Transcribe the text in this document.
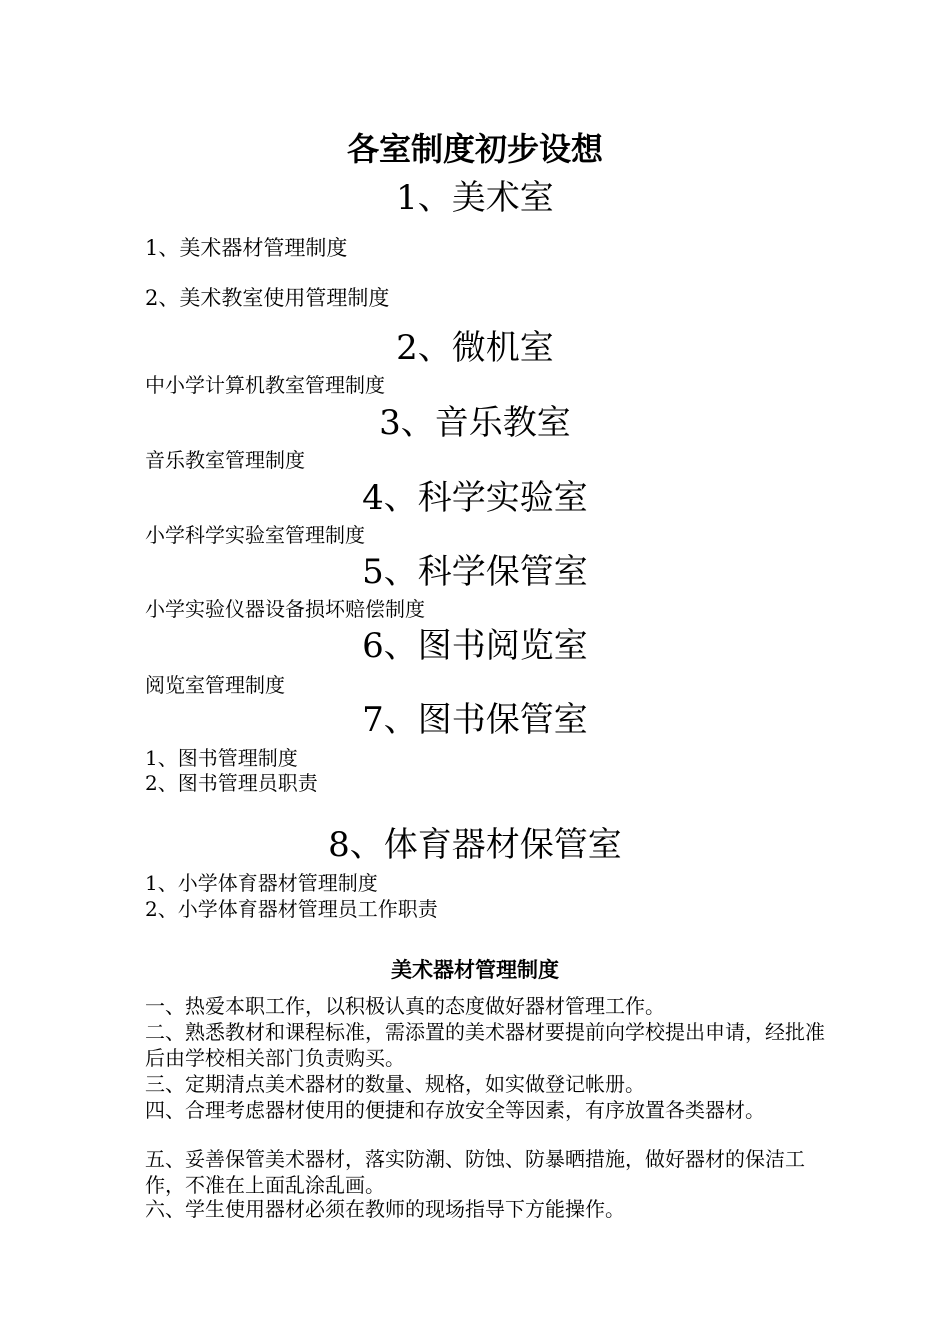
各室制度初步设想
1、美术室
1、美术器材管理制度
2、美术教室使用管理制度
2、微机室
中小学计算机教室管理制度
3、音乐教室
音乐教室管理制度
4、科学实验室
小学科学实验室管理制度
5、科学保管室
小学实验仪器设备损坏赔偿制度
6、图书阅览室
阅览室管理制度
7、图书保管室
1、图书管理制度
2、图书管理员职责
8、体育器材保管室
1、小学体育器材管理制度
2、小学体育器材管理员工作职责
美术器材管理制度
一、热爱本职工作，以积极认真的态度做好器材管理工作。
二、熟悉教材和课程标准，需添置的美术器材要提前向学校提出申请，经批准后由学校相关部门负责购买。
三、定期清点美术器材的数量、规格，如实做登记帐册。
四、合理考虑器材使用的便捷和存放安全等因素，有序放置各类器材。
五、妥善保管美术器材，落实防潮、防蚀、防暴晒措施，做好器材的保洁工作，不准在上面乱涂乱画。
六、学生使用器材必须在教师的现场指导下方能操作。
